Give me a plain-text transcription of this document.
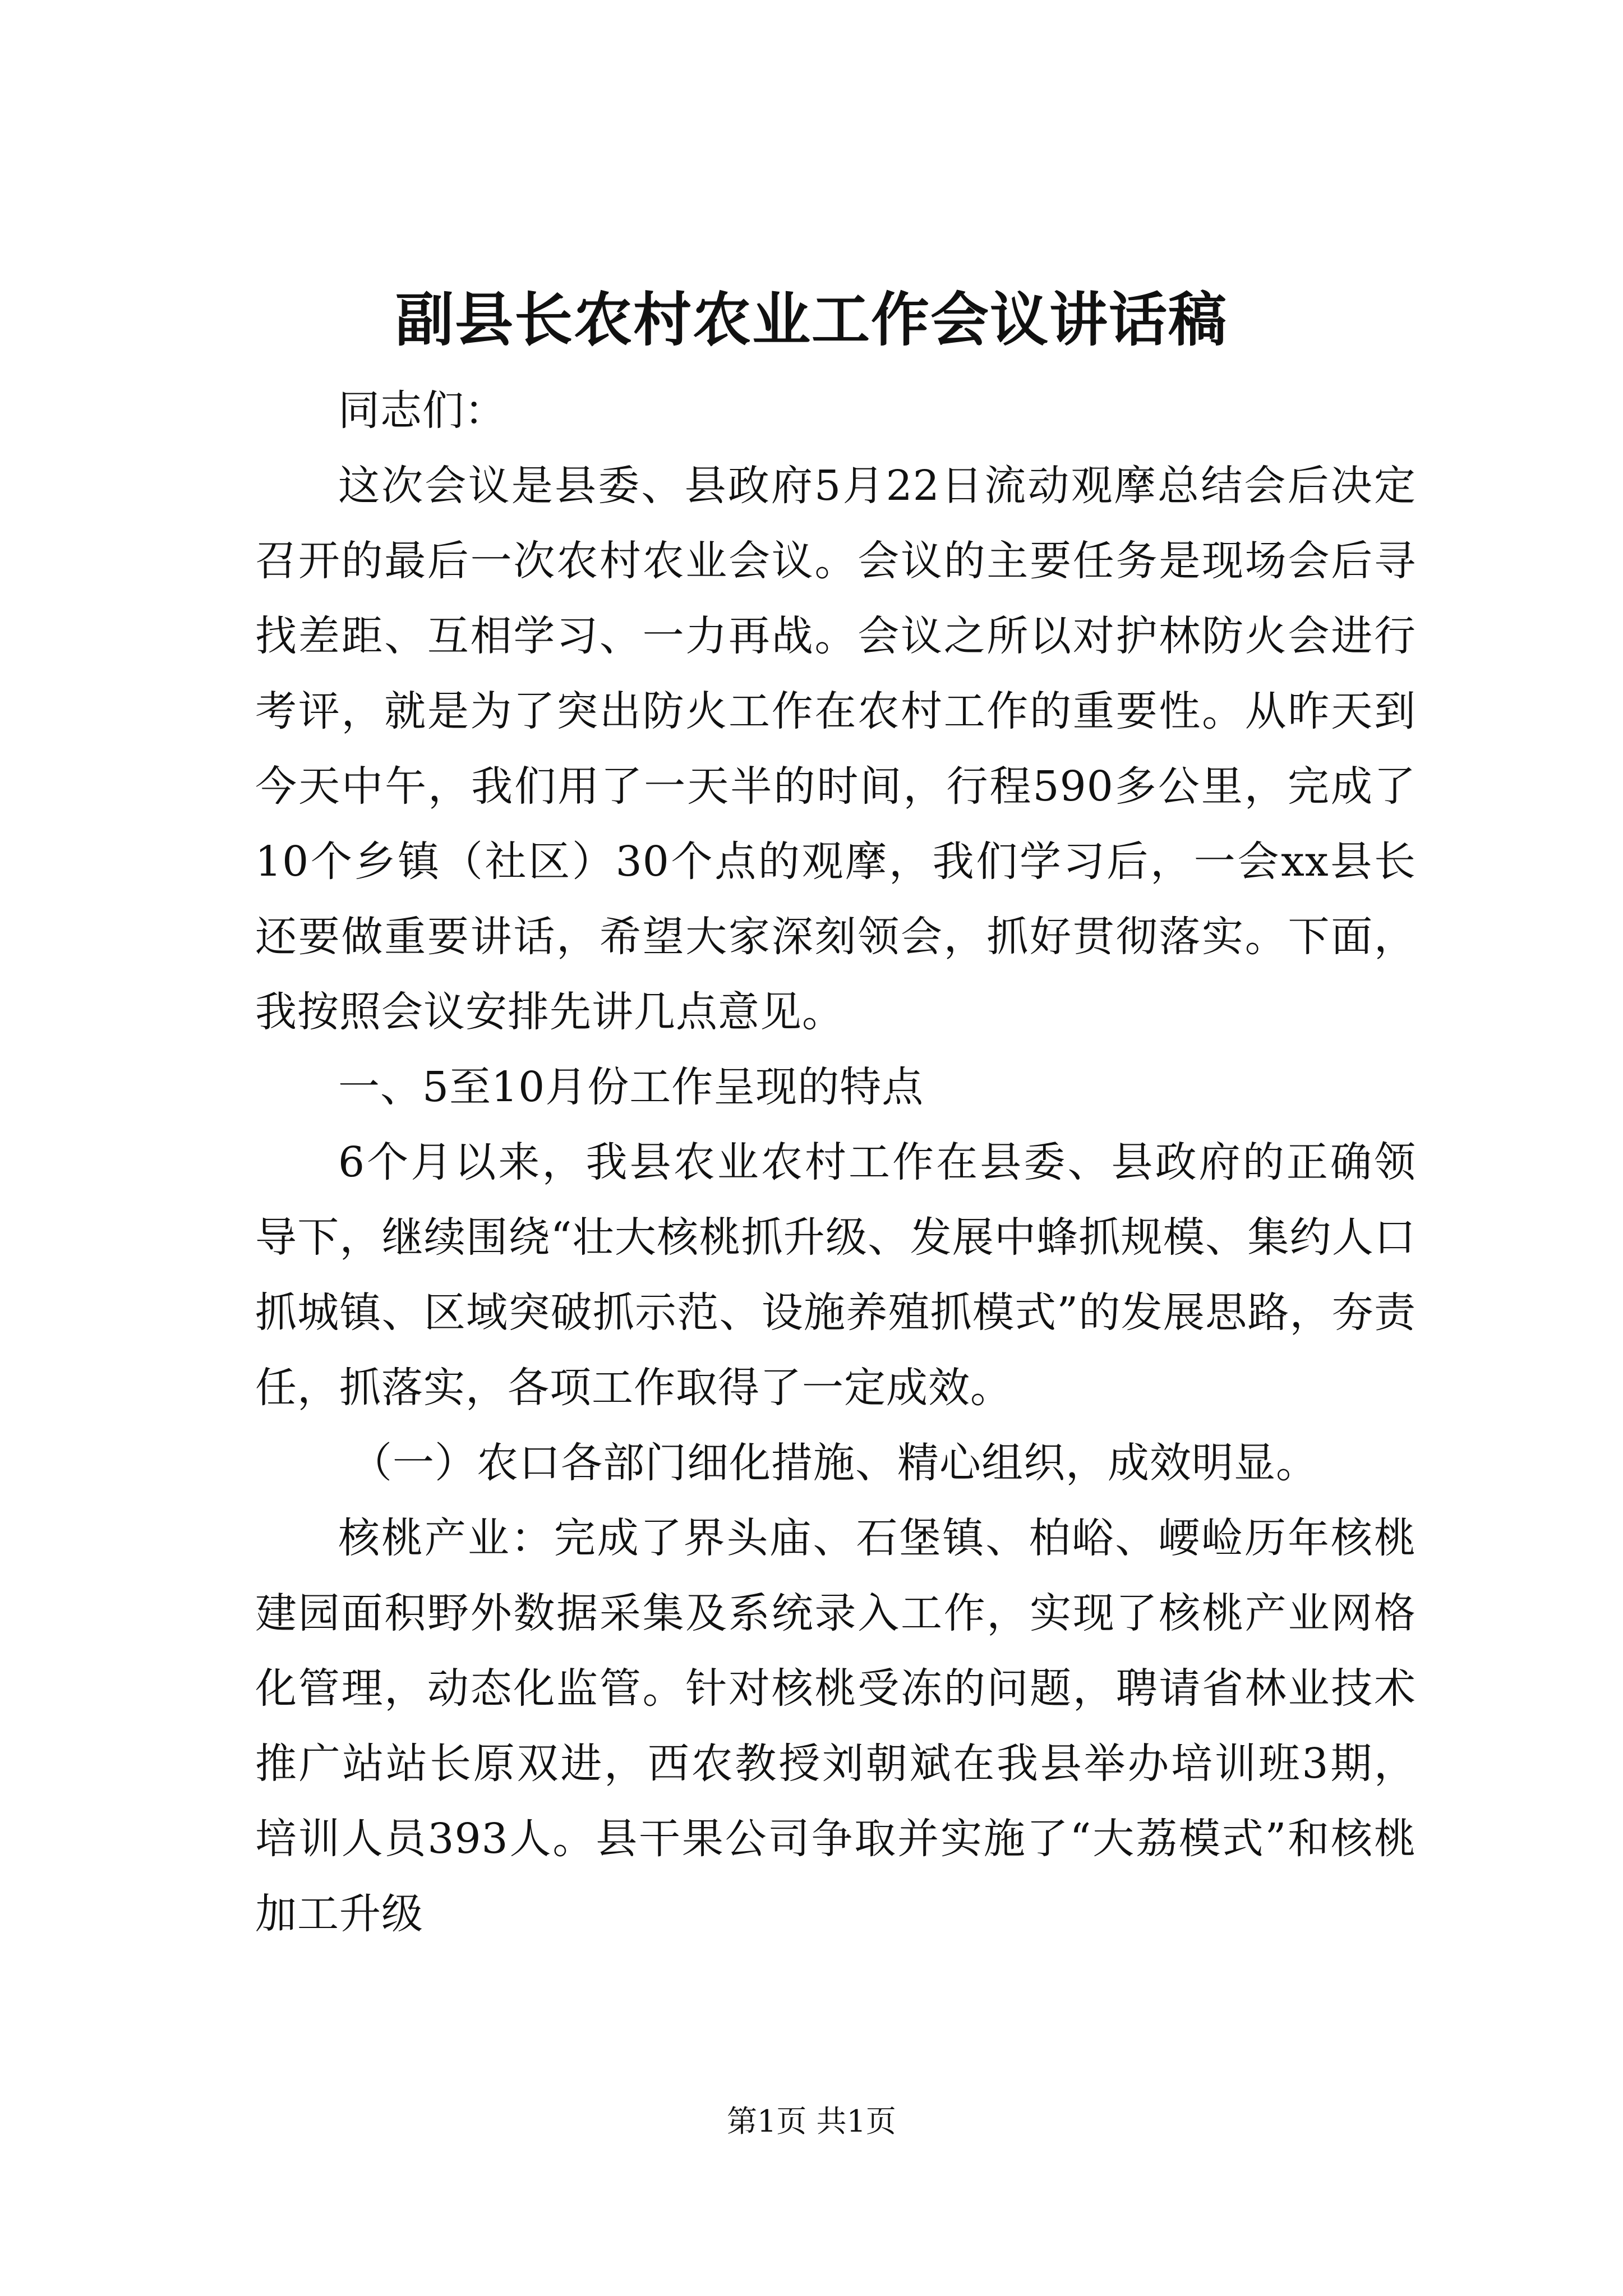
副县长农村农业工作会议讲话稿

同志们：

这次会议是县委、县政府5月22日流动观摩总结会后决定召开的最后一次农村农业会议。会议的主要任务是现场会后寻找差距、互相学习、一力再战。会议之所以对护林防火会进行考评，就是为了突出防火工作在农村工作的重要性。从昨天到今天中午，我们用了一天半的时间，行程590多公里，完成了10个乡镇（社区）30个点的观摩，我们学习后，一会xx县长还要做重要讲话，希望大家深刻领会，抓好贯彻落实。下面，我按照会议安排先讲几点意见。

一、5至10月份工作呈现的特点

6个月以来，我县农业农村工作在县委、县政府的正确领导下，继续围绕“壮大核桃抓升级、发展中蜂抓规模、集约人口抓城镇、区域突破抓示范、设施养殖抓模式”的发展思路，夯责任，抓落实，各项工作取得了一定成效。

（一）农口各部门细化措施、精心组织，成效明显。

核桃产业：完成了界头庙、石堡镇、柏峪、崾崄历年核桃建园面积野外数据采集及系统录入工作，实现了核桃产业网格化管理，动态化监管。针对核桃受冻的问题，聘请省林业技术推广站站长原双进，西农教授刘朝斌在我县举办培训班3期，培训人员393人。县干果公司争取并实施了“大荔模式”和核桃加工升级

第1页 共1页
